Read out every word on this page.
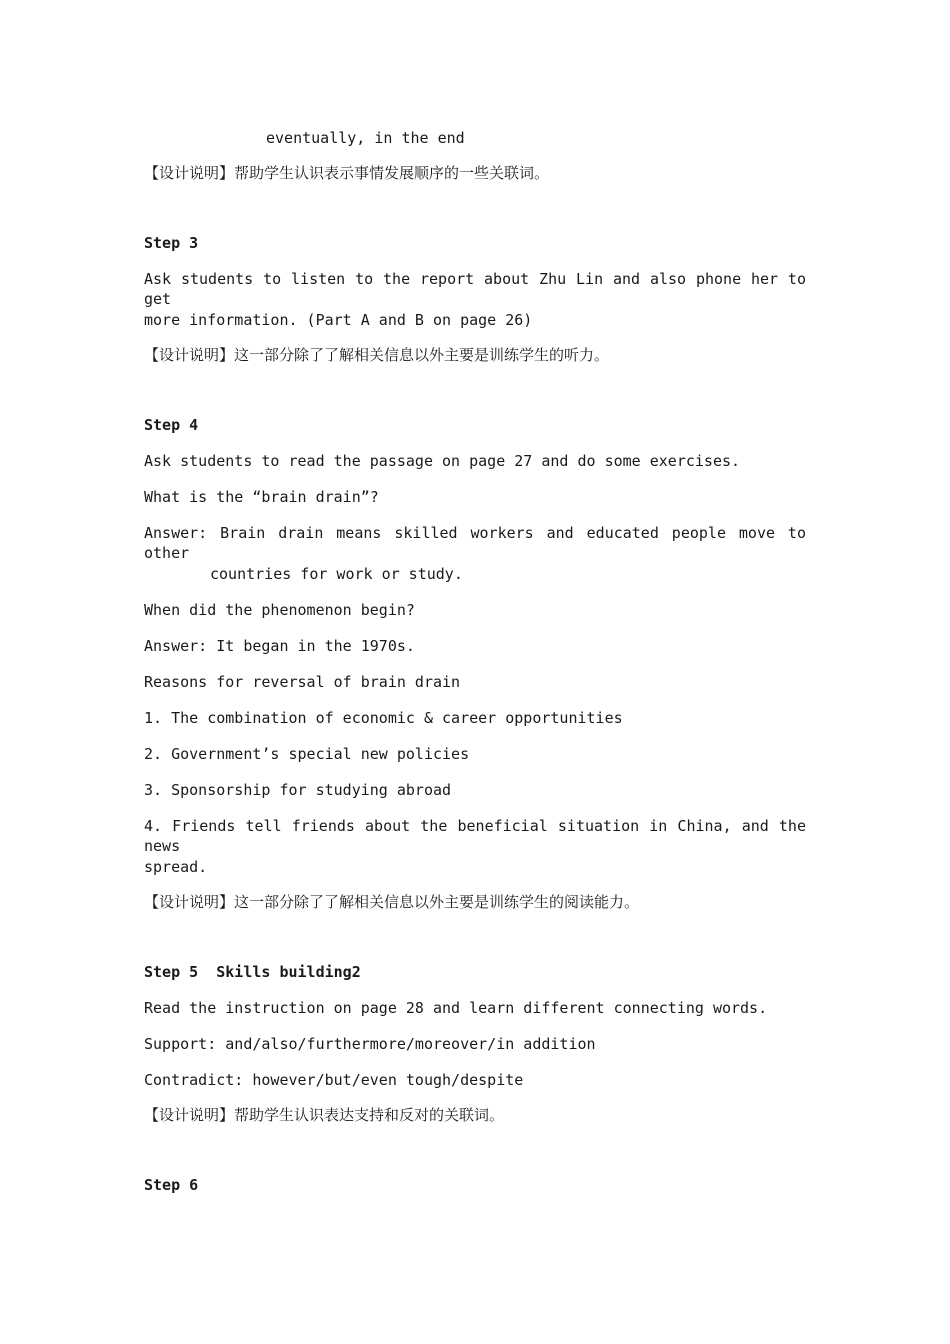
eventually, in the end
【设计说明】帮助学生认识表示事情发展顺序的一些关联词。
Step 3
Ask students to listen to the report about Zhu Lin and also phone her to get
more information. (Part A and B on page 26)
【设计说明】这一部分除了了解相关信息以外主要是训练学生的听力。
Step 4
Ask students to read the passage on page 27 and do some exercises.
What is the “brain drain”?
Answer: Brain drain means skilled workers and educated people move to other
countries for work or study.
When did the phenomenon begin?
Answer: It began in the 1970s.
Reasons for reversal of brain drain
1. The combination of economic & career opportunities
2. Government’s special new policies
3. Sponsorship for studying abroad
4. Friends tell friends about the beneficial situation in China, and the news
spread.
【设计说明】这一部分除了了解相关信息以外主要是训练学生的阅读能力。
Step 5  Skills building2
Read the instruction on page 28 and learn different connecting words.
Support: and/also/furthermore/moreover/in addition
Contradict: however/but/even tough/despite
【设计说明】帮助学生认识表达支持和反对的关联词。
Step 6
